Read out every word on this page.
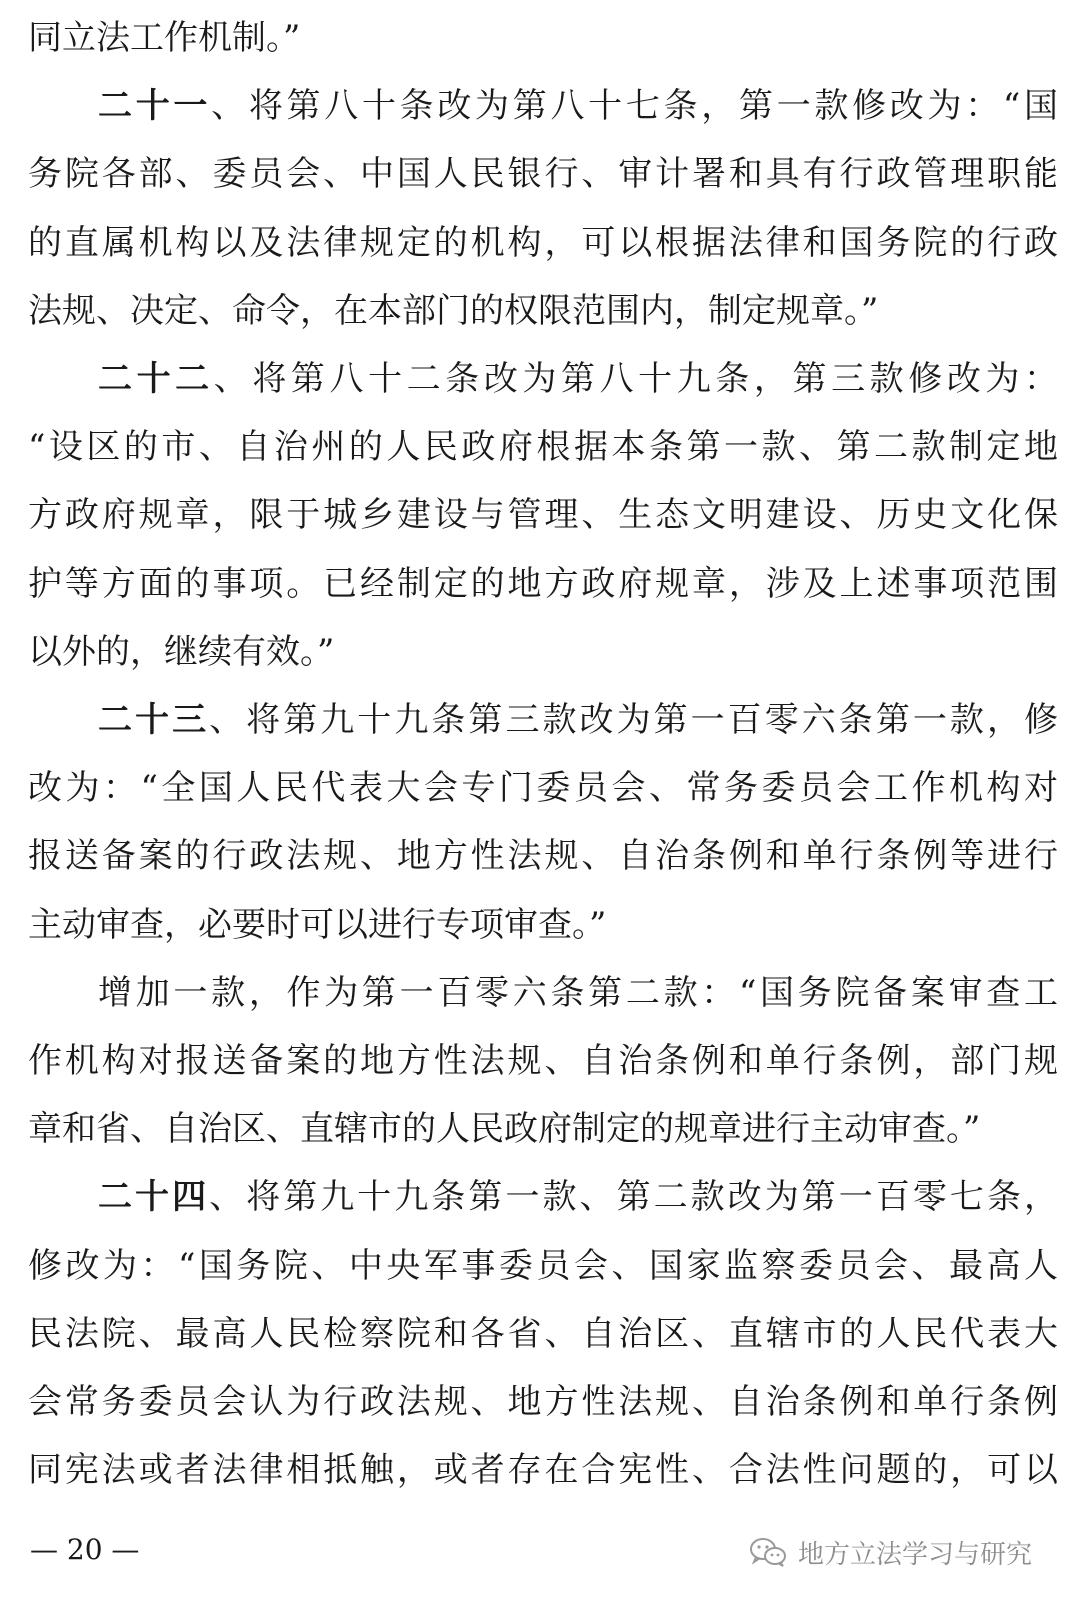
同立法工作机制。”
二十一、将第八十条改为第八十七条，第一款修改为：“国
务院各部、委员会、中国人民银行、审计署和具有行政管理职能
的直属机构以及法律规定的机构，可以根据法律和国务院的行政
法规、决定、命令，在本部门的权限范围内，制定规章。”
二十二、将第八十二条改为第八十九条，第三款修改为：
“设区的市、自治州的人民政府根据本条第一款、第二款制定地
方政府规章，限于城乡建设与管理、生态文明建设、历史文化保
护等方面的事项。已经制定的地方政府规章，涉及上述事项范围
以外的，继续有效。”
二十三、将第九十九条第三款改为第一百零六条第一款，修
改为：“全国人民代表大会专门委员会、常务委员会工作机构对
报送备案的行政法规、地方性法规、自治条例和单行条例等进行
主动审查，必要时可以进行专项审查。”
增加一款，作为第一百零六条第二款：“国务院备案审查工
作机构对报送备案的地方性法规、自治条例和单行条例，部门规
章和省、自治区、直辖市的人民政府制定的规章进行主动审查。”
二十四、将第九十九条第一款、第二款改为第一百零七条，
修改为：“国务院、中央军事委员会、国家监察委员会、最高人
民法院、最高人民检察院和各省、自治区、直辖市的人民代表大
会常务委员会认为行政法规、地方性法规、自治条例和单行条例
同宪法或者法律相抵触，或者存在合宪性、合法性问题的，可以
— 20 —	地方立法学习与研究
